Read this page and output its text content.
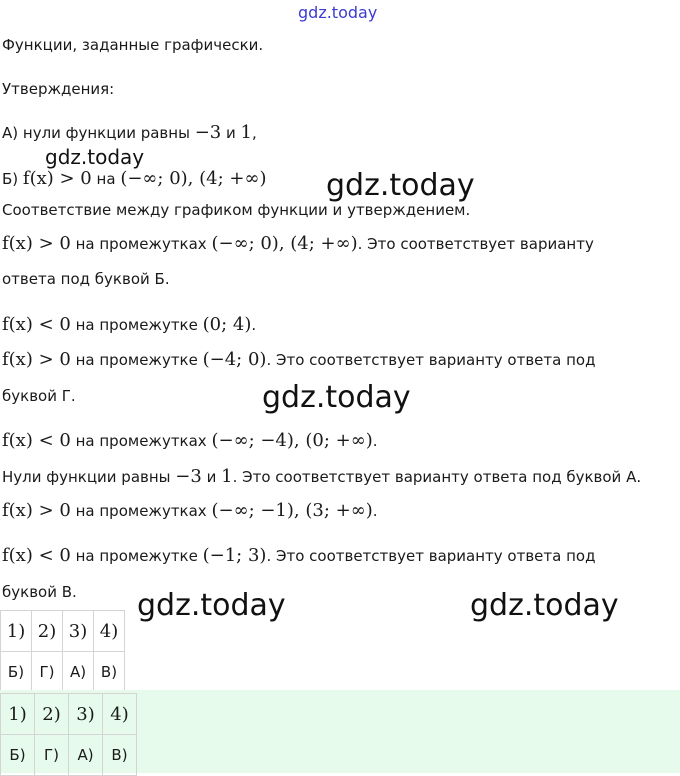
gdz.today
gdz.today
gdz.today
gdz.today
gdz.today	gdz.today
Функции, заданные графически.
Утверждения:
А) нули функции равны −3 и 1,
Б) f(x) > 0 на (−∞; 0), (4; +∞)
Соответствие между графиком функции и утверждением.
f(x) > 0 на промежутках (−∞; 0), (4; +∞). Это соответствует варианту
ответа под буквой Б.
f(x) < 0 на промежутке (0; 4).
f(x) > 0 на промежутке (−4; 0). Это соответствует варианту ответа под
буквой Г.
f(x) < 0 на промежутках (−∞; −4), (0; +∞).
Нули функции равны −3 и 1. Это соответствует варианту ответа под буквой А.
f(x) > 0 на промежутках (−∞; −1), (3; +∞).
f(x) < 0 на промежутке (−1; 3). Это соответствует варианту ответа под
буквой В.
1)	2)	3)	4)
Б)	Г)	А)	В)
1)	2)	3)	4)
Б)	Г)	А)	В)
